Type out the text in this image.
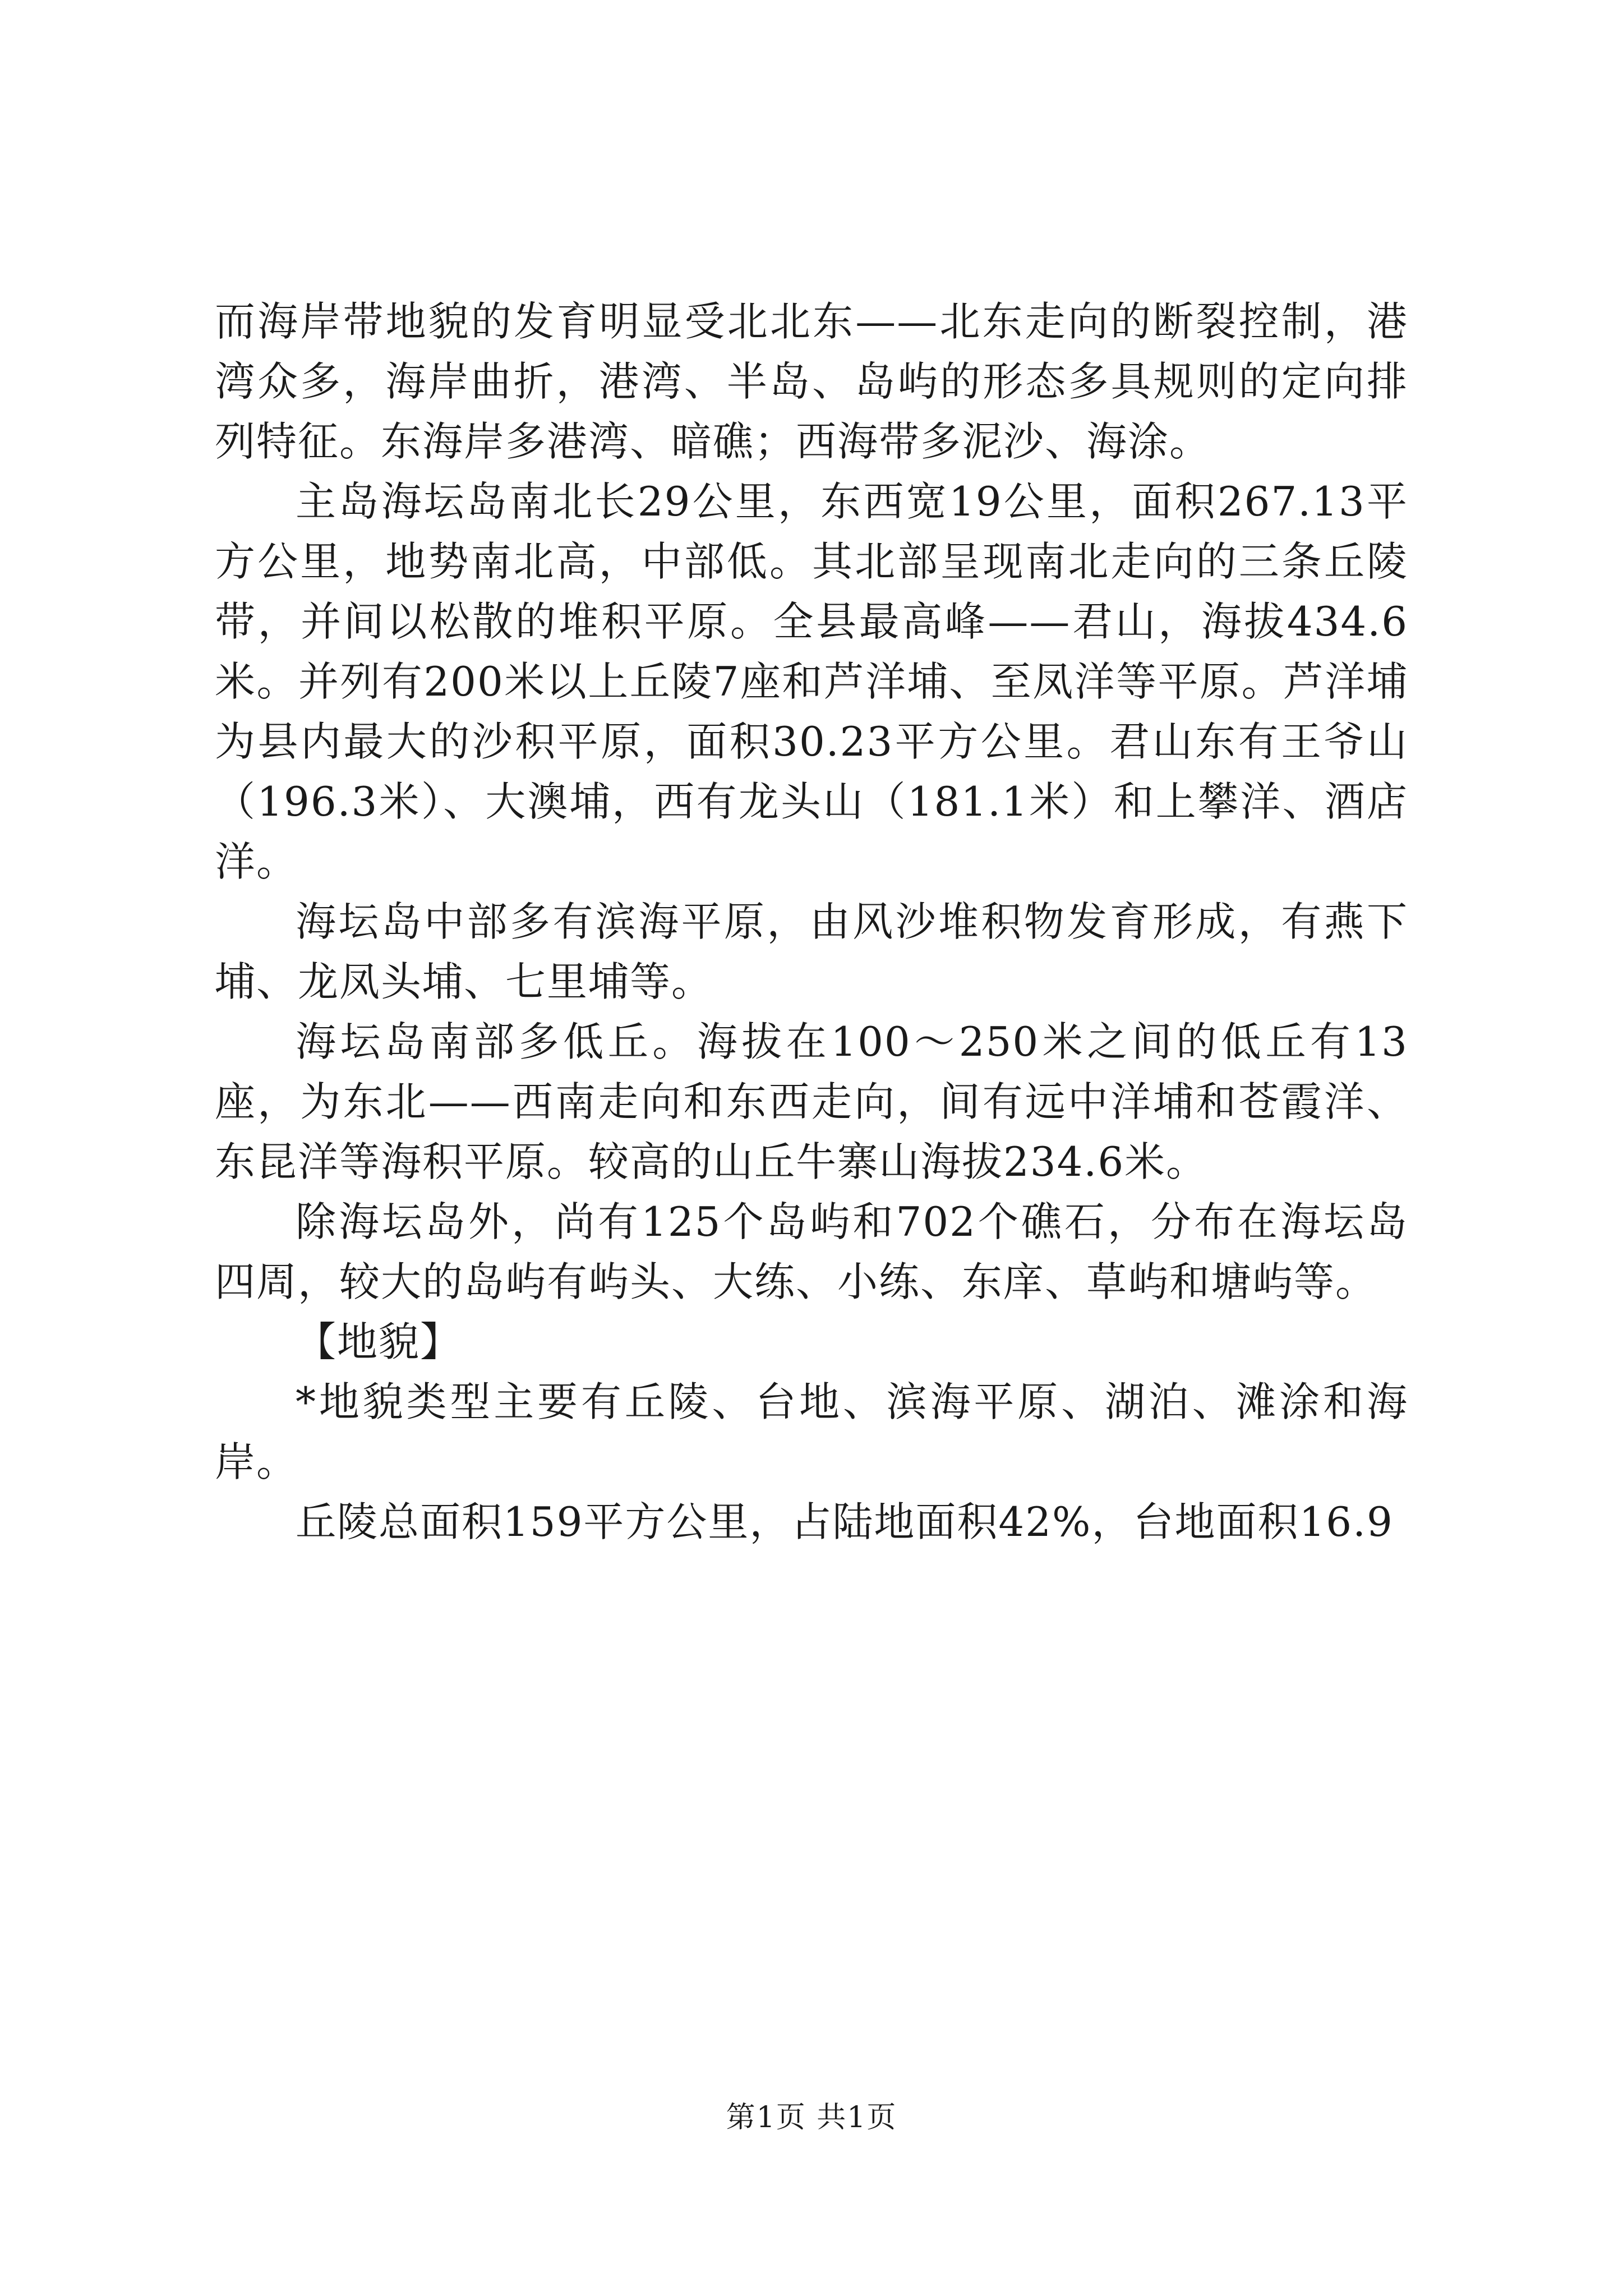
而海岸带地貌的发育明显受北北东——北东走向的断裂控制，港湾众多，海岸曲折，港湾、半岛、岛屿的形态多具规则的定向排列特征。东海岸多港湾、暗礁；西海带多泥沙、海涂。

主岛海坛岛南北长29公里，东西宽19公里，面积267.13平方公里，地势南北高，中部低。其北部呈现南北走向的三条丘陵带，并间以松散的堆积平原。全县最高峰——君山，海拔434.6米。并列有200米以上丘陵7座和芦洋埔、至凤洋等平原。芦洋埔为县内最大的沙积平原，面积30.23平方公里。君山东有王爷山（196.3米）、大澳埔，西有龙头山（181.1米）和上攀洋、酒店洋。

海坛岛中部多有滨海平原，由风沙堆积物发育形成，有燕下埔、龙凤头埔、七里埔等。

海坛岛南部多低丘。海拔在100～250米之间的低丘有13座，为东北——西南走向和东西走向，间有远中洋埔和苍霞洋、东昆洋等海积平原。较高的山丘牛寨山海拔234.6米。

除海坛岛外，尚有125个岛屿和702个礁石，分布在海坛岛四周，较大的岛屿有屿头、大练、小练、东庠、草屿和塘屿等。

【地貌】

*地貌类型主要有丘陵、台地、滨海平原、湖泊、滩涂和海岸。

丘陵总面积159平方公里，占陆地面积42%，台地面积16.9

第1页 共1页
